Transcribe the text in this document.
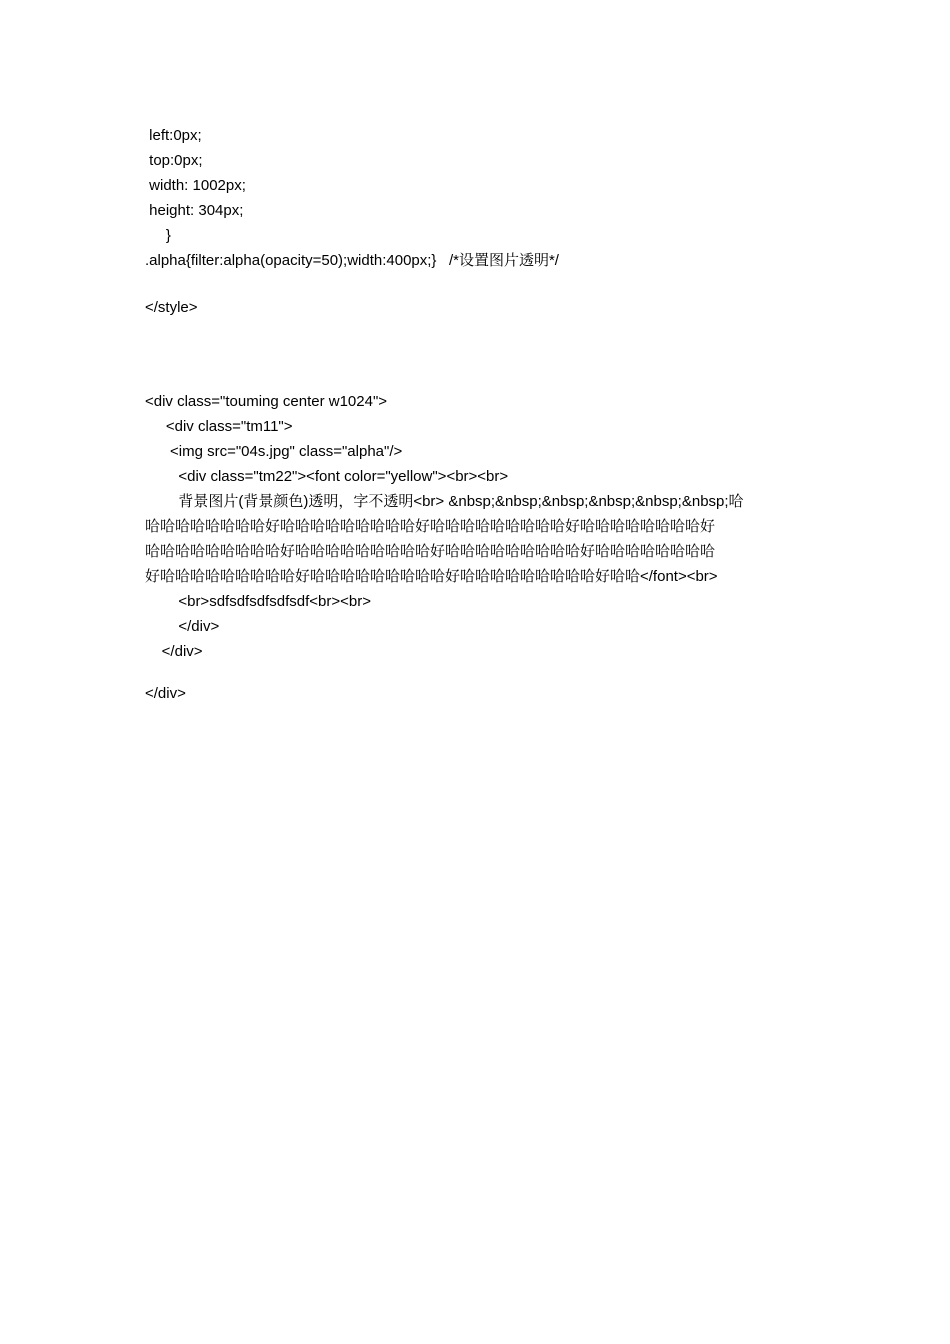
left:0px;
top:0px;
width: 1002px;
height: 304px;
}
.alpha{filter:alpha(opacity=50);width:400px;}   /*设置图片透明*/
</style>
<div class="touming center w1024">
<div class="tm11">
<img src="04s.jpg" class="alpha"/>
<div class="tm22"><font color="yellow"><br><br>
背景图片(背景颜色)透明，字不透明<br> &nbsp;&nbsp;&nbsp;&nbsp;&nbsp;&nbsp;哈
哈哈哈哈哈哈哈哈好哈哈哈哈哈哈哈哈哈好哈哈哈哈哈哈哈哈哈好哈哈哈哈哈哈哈哈好
哈哈哈哈哈哈哈哈哈好哈哈哈哈哈哈哈哈哈好哈哈哈哈哈哈哈哈哈好哈哈哈哈哈哈哈哈
好哈哈哈哈哈哈哈哈哈好哈哈哈哈哈哈哈哈哈好哈哈哈哈哈哈哈哈哈好哈哈</font><br>
<br>sdfsdfsdfsdfsdf<br><br>
</div>
</div>
</div>
